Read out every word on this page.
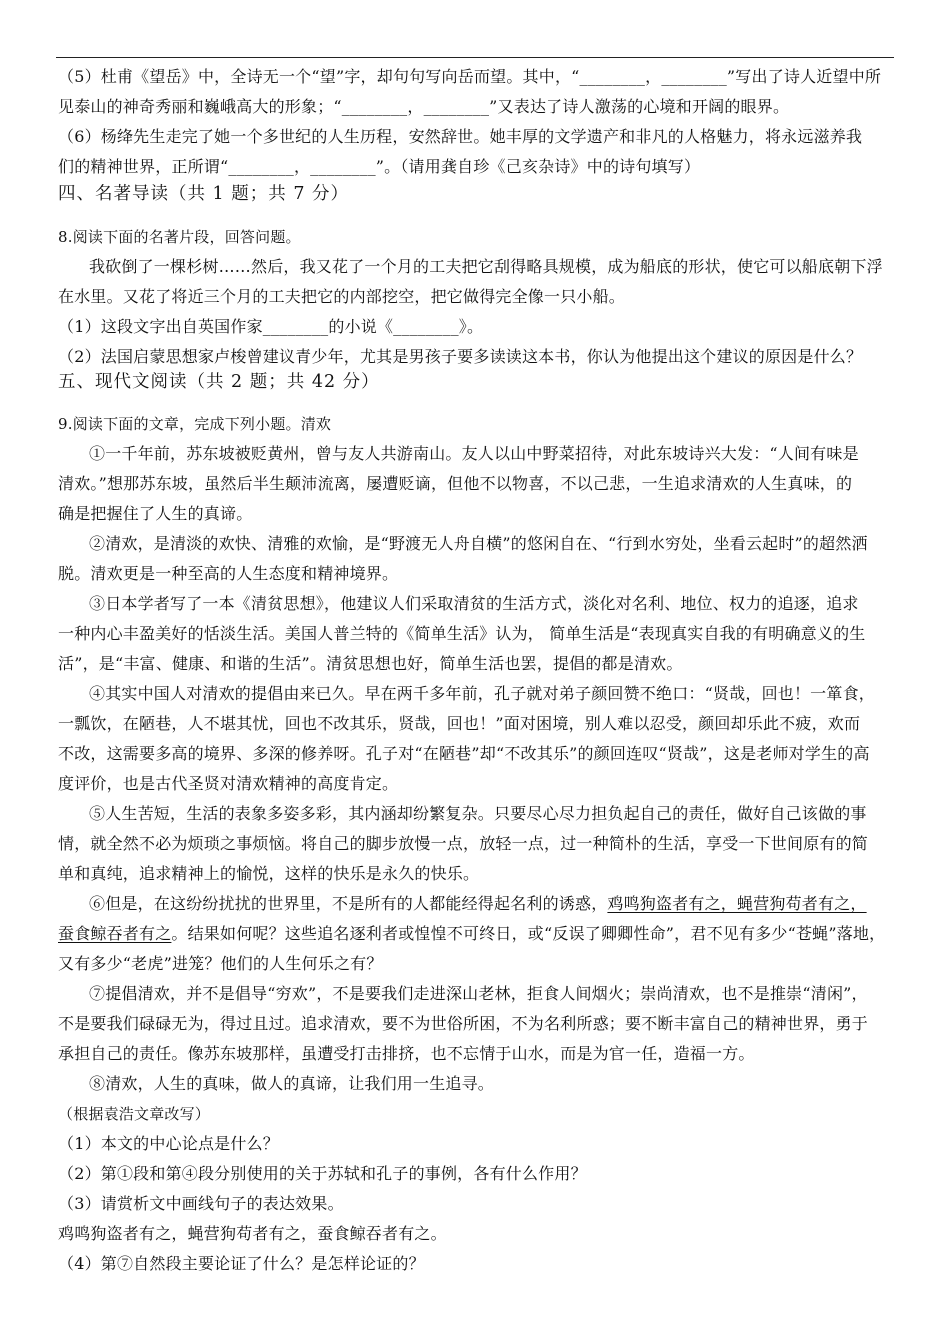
（5）杜甫《望岳》中，全诗无一个“望”字，却句句写向岳而望。其中，“________，________”写出了诗人近望中所
见泰山的神奇秀丽和巍峨高大的形象；“________，________”又表达了诗人激荡的心境和开阔的眼界。
（6）杨绛先生走完了她一个多世纪的人生历程，安然辞世。她丰厚的文学遗产和非凡的人格魅力，将永远滋养我
们的精神世界，正所谓“________，________”。（请用龚自珍《己亥杂诗》中的诗句填写）
四、名著导读（共 1 题；共 7 分）
8.阅读下面的名著片段，回答问题。
我砍倒了一棵杉树……然后，我又花了一个月的工夫把它刮得略具规模，成为船底的形状，使它可以船底朝下浮
在水里。又花了将近三个月的工夫把它的内部挖空，把它做得完全像一只小船。
（1）这段文字出自英国作家________的小说《________》。
（2）法国启蒙思想家卢梭曾建议青少年，尤其是男孩子要多读读这本书，你认为他提出这个建议的原因是什么？
五、现代文阅读（共 2 题；共 42 分）
9.阅读下面的文章，完成下列小题。清欢
①一千年前，苏东坡被贬黄州，曾与友人共游南山。友人以山中野菜招待，对此东坡诗兴大发：“人间有味是
清欢。”想那苏东坡，虽然后半生颠沛流离，屡遭贬谪，但他不以物喜，不以己悲，一生追求清欢的人生真味，的
确是把握住了人生的真谛。
②清欢，是清淡的欢快、清雅的欢愉，是“野渡无人舟自横”的悠闲自在、“行到水穷处，坐看云起时”的超然洒
脱。清欢更是一种至高的人生态度和精神境界。
③日本学者写了一本《清贫思想》，他建议人们采取清贫的生活方式，淡化对名利、地位、权力的追逐，追求
一种内心丰盈美好的恬淡生活。美国人普兰特的《简单生活》认为， 简单生活是“表现真实自我的有明确意义的生
活”，是“丰富、健康、和谐的生活”。清贫思想也好，简单生活也罢，提倡的都是清欢。
④其实中国人对清欢的提倡由来已久。早在两千多年前，孔子就对弟子颜回赞不绝口：“贤哉，回也！一箪食，
一瓢饮，在陋巷，人不堪其忧，回也不改其乐，贤哉，回也！”面对困境，别人难以忍受，颜回却乐此不疲，欢而
不改，这需要多高的境界、多深的修养呀。孔子对“在陋巷”却“不改其乐”的颜回连叹“贤哉”，这是老师对学生的高
度评价，也是古代圣贤对清欢精神的高度肯定。
⑤人生苦短，生活的表象多姿多彩，其内涵却纷繁复杂。只要尽心尽力担负起自己的责任，做好自己该做的事
情，就全然不必为烦琐之事烦恼。将自己的脚步放慢一点，放轻一点，过一种简朴的生活，享受一下世间原有的简
单和真纯，追求精神上的愉悦，这样的快乐是永久的快乐。
⑥但是，在这纷纷扰扰的世界里，不是所有的人都能经得起名利的诱惑，鸡鸣狗盗者有之，蝇营狗苟者有之，
蚕食鲸吞者有之。结果如何呢？这些追名逐利者或惶惶不可终日，或“反误了卿卿性命”，君不见有多少“苍蝇”落地，
又有多少“老虎”进笼？他们的人生何乐之有？
⑦提倡清欢，并不是倡导“穷欢”，不是要我们走进深山老林，拒食人间烟火；崇尚清欢，也不是推崇“清闲”，
不是要我们碌碌无为，得过且过。追求清欢，要不为世俗所困，不为名利所惑；要不断丰富自己的精神世界，勇于
承担自己的责任。像苏东坡那样，虽遭受打击排挤，也不忘情于山水，而是为官一任，造福一方。
⑧清欢，人生的真味，做人的真谛，让我们用一生追寻。
（根据袁浩文章改写）
（1）本文的中心论点是什么？
（2）第①段和第④段分别使用的关于苏轼和孔子的事例，各有什么作用？
（3）请赏析文中画线句子的表达效果。
鸡鸣狗盗者有之，蝇营狗苟者有之，蚕食鲸吞者有之。
（4）第⑦自然段主要论证了什么？是怎样论证的？
